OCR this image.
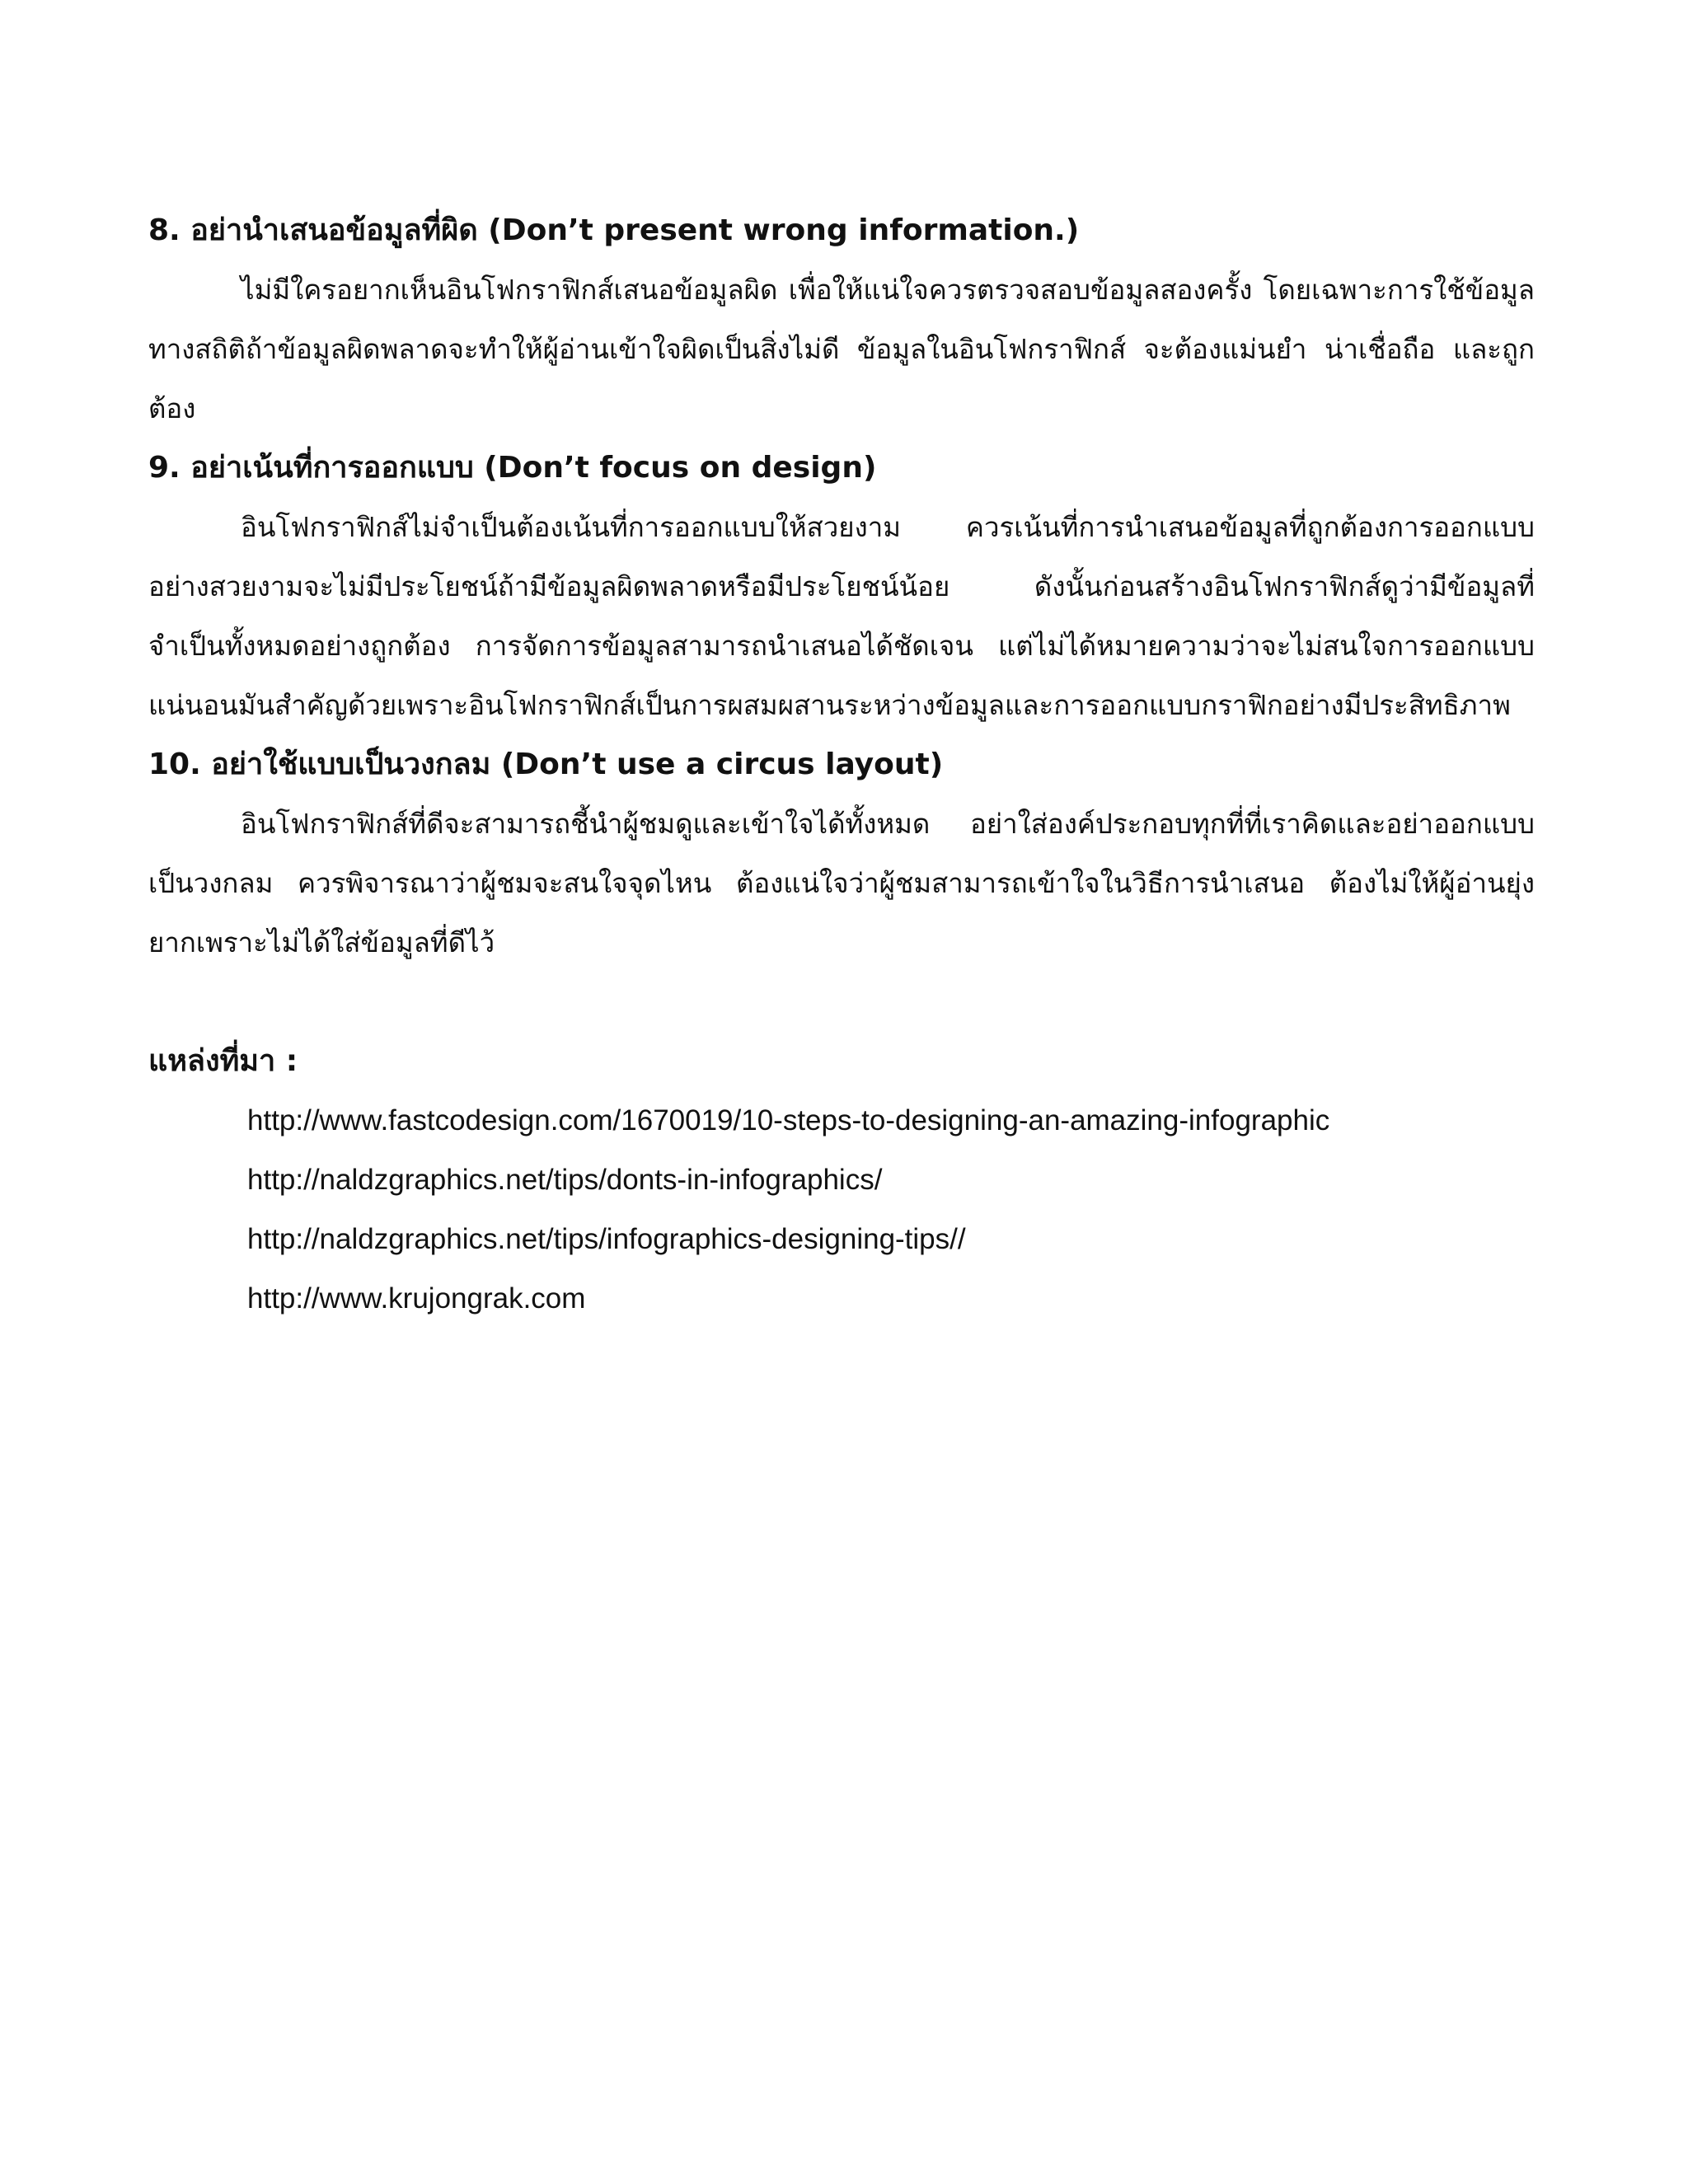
8. อย่านำเสนอข้อมูลที่ผิด (Don’t present wrong information.)

ไม่มีใครอยากเห็นอินโฟกราฟิกส์เสนอข้อมูลผิด เพื่อให้แน่ใจควรตรวจสอบข้อมูลสองครั้ง โดยเฉพาะการใช้ข้อมูลทางสถิติถ้าข้อมูลผิดพลาดจะทำให้ผู้อ่านเข้าใจผิดเป็นสิ่งไม่ดี ข้อมูลในอินโฟกราฟิกส์ จะต้องแม่นยำ น่าเชื่อถือ และถูกต้อง

9. อย่าเน้นที่การออกแบบ (Don’t focus on design)

อินโฟกราฟิกส์ไม่จำเป็นต้องเน้นที่การออกแบบให้สวยงาม ควรเน้นที่การนำเสนอข้อมูลที่ถูกต้องการออกแบบอย่างสวยงามจะไม่มีประโยชน์ถ้ามีข้อมูลผิดพลาดหรือมีประโยชน์น้อย ดังนั้นก่อนสร้างอินโฟกราฟิกส์ดูว่ามีข้อมูลที่จำเป็นทั้งหมดอย่างถูกต้อง การจัดการข้อมูลสามารถนำเสนอได้ชัดเจน แต่ไม่ได้หมายความว่าจะไม่สนใจการออกแบบแน่นอนมันสำคัญด้วยเพราะอินโฟกราฟิกส์เป็นการผสมผสานระหว่างข้อมูลและการออกแบบกราฟิกอย่างมีประสิทธิภาพ

10. อย่าใช้แบบเป็นวงกลม (Don’t use a circus layout)

อินโฟกราฟิกส์ที่ดีจะสามารถชี้นำผู้ชมดูและเข้าใจได้ทั้งหมด อย่าใส่องค์ประกอบทุกที่ที่เราคิดและอย่าออกแบบเป็นวงกลม ควรพิจารณาว่าผู้ชมจะสนใจจุดไหน ต้องแน่ใจว่าผู้ชมสามารถเข้าใจในวิธีการนำเสนอ ต้องไม่ให้ผู้อ่านยุ่งยากเพราะไม่ได้ใส่ข้อมูลที่ดีไว้

แหล่งที่มา :
http://www.fastcodesign.com/1670019/10-steps-to-designing-an-amazing-infographic
http://naldzgraphics.net/tips/donts-in-infographics/
http://naldzgraphics.net/tips/infographics-designing-tips//
http://www.krujongrak.com
